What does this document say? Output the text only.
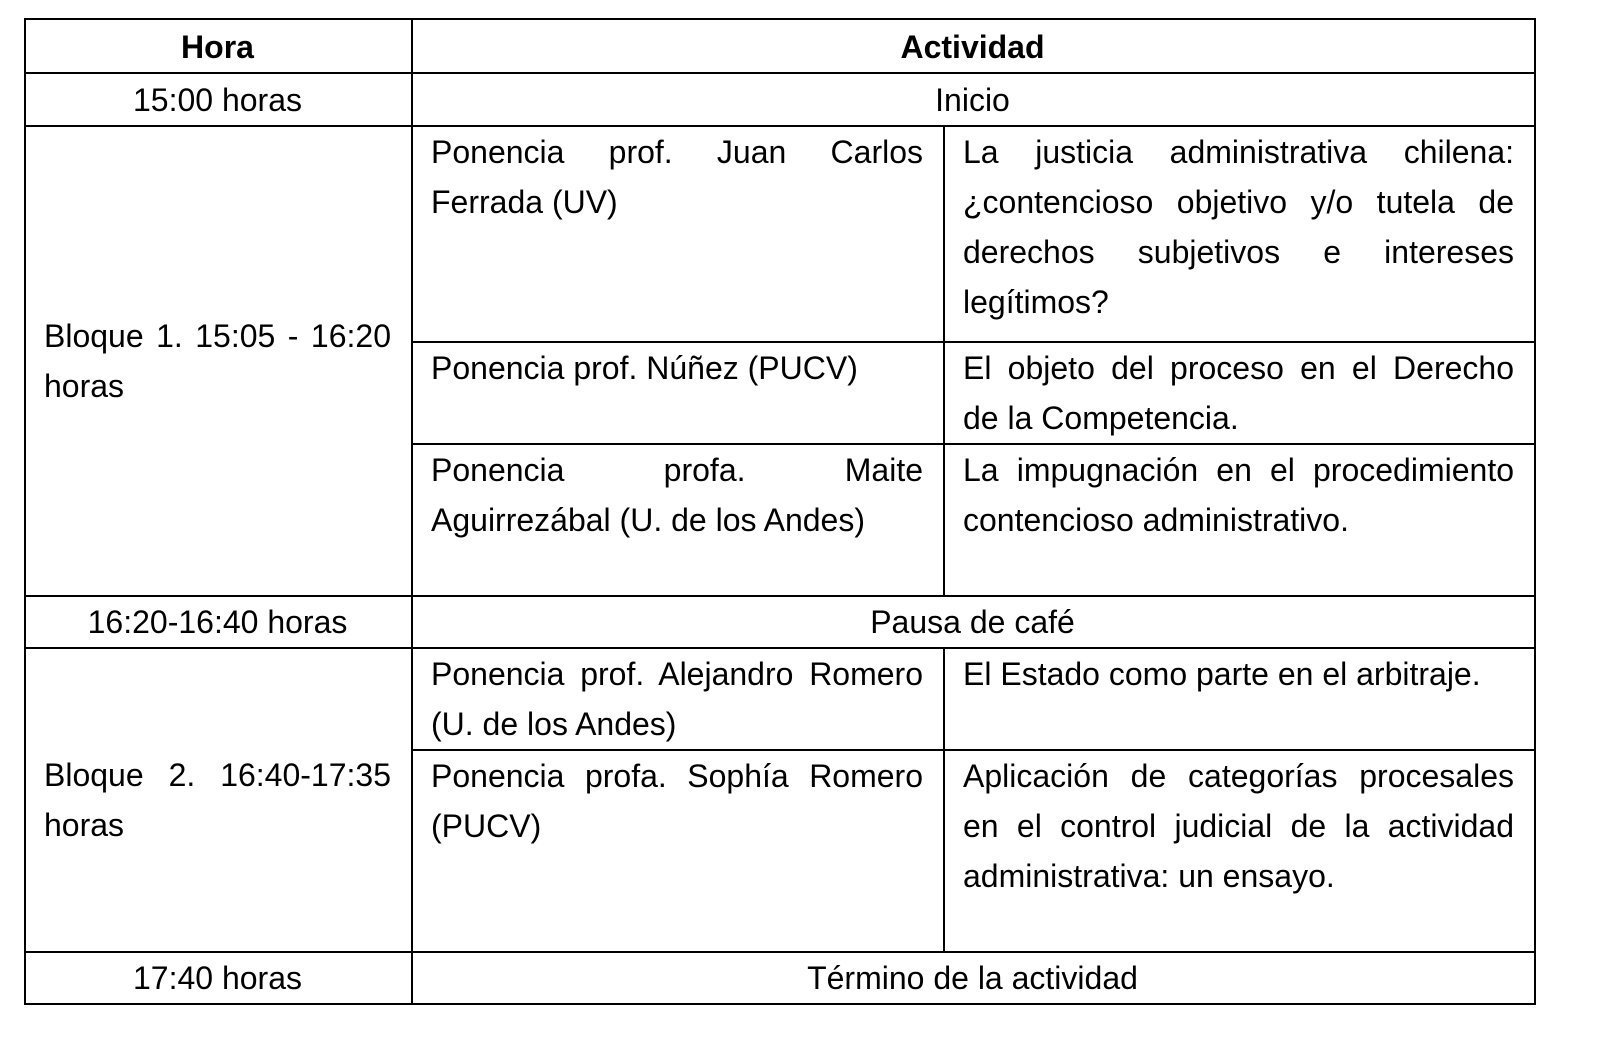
Hora	Actividad	
15:00 horas	Inicio	
Bloque 1. 15:05 - 16:20 horas	Ponencia prof. Juan Carlos Ferrada (UV)	La justicia administrativa chilena: ¿contencioso objetivo y/o tutela de derechos subjetivos e intereses legítimos?
	Ponencia prof. Núñez (PUCV)	El objeto del proceso en el Derecho de la Competencia.
	Ponencia profa. Maite Aguirrezábal (U. de los Andes)	La impugnación en el procedimiento contencioso administrativo.
16:20-16:40 horas	Pausa de café	
Bloque 2. 16:40-17:35 horas	Ponencia prof. Alejandro Romero (U. de los Andes)	El Estado como parte en el arbitraje.
	Ponencia profa. Sophía Romero (PUCV)	Aplicación de categorías procesales en el control judicial de la actividad administrativa: un ensayo.
17:40 horas	Término de la actividad	
